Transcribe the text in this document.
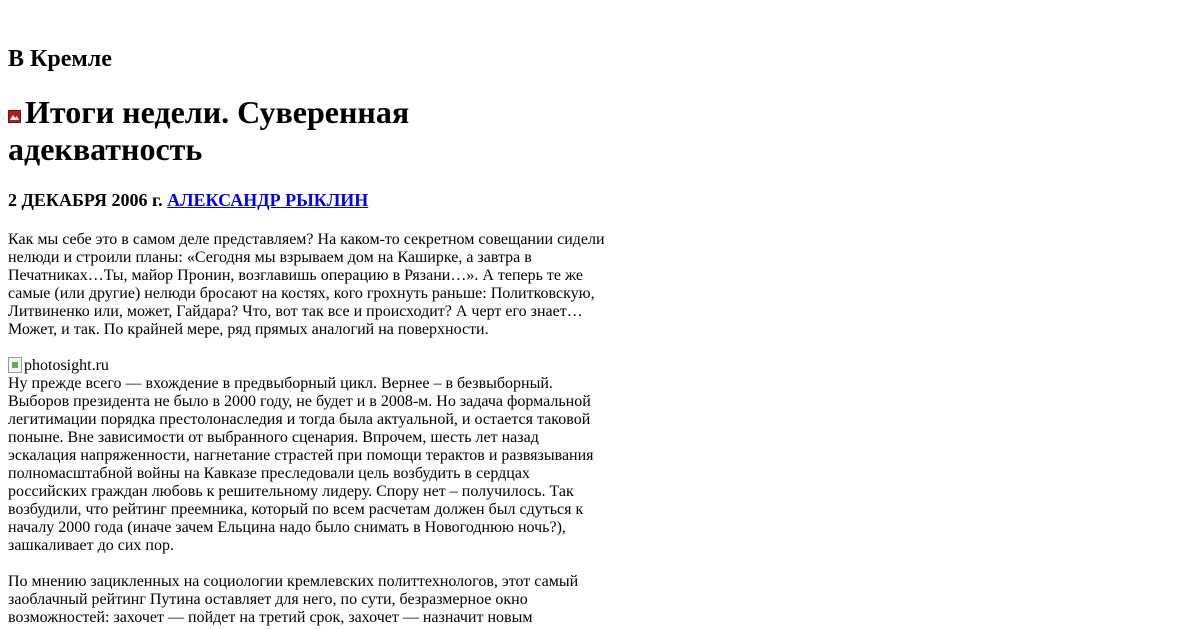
В Кремле
Итоги недели. Суверенная адекватность
2 ДЕКАБРЯ 2006 г. АЛЕКСАНДР РЫКЛИН

Как мы себе это в самом деле представляем? На каком-то секретном совещании сидели нелюди и строили планы: «Сегодня мы взрываем дом на Каширке, а завтра в Печатниках…Ты, майор Пронин, возглавишь операцию в Рязани…». А теперь те же самые (или другие) нелюди бросают на костях, кого грохнуть раньше: Политковскую, Литвиненко или, может, Гайдара? Что, вот так все и происходит? А черт его знает… Может, и так. По крайней мере, ряд прямых аналогий на поверхности.

photosight.ru

Ну прежде всего — вхождение в предвыборный цикл. Вернее – в безвыборный. Выборов президента не было в 2000 году, не будет и в 2008-м. Но задача формальной легитимации порядка престолонаследия и тогда была актуальной, и остается таковой поныне. Вне зависимости от выбранного сценария. Впрочем, шесть лет назад эскалация напряженности, нагнетание страстей при помощи терактов и развязывания полномасштабной войны на Кавказе преследовали цель возбудить в сердцах российских граждан любовь к решительному лидеру. Спору нет – получилось. Так возбудили, что рейтинг преемника, который по всем расчетам должен был сдуться к началу 2000 года (иначе зачем Ельцина надо было снимать в Новогоднюю ночь?), зашкаливает до сих пор.

По мнению зацикленных на социологии кремлевских политтехнологов, этот самый заоблачный рейтинг Путина оставляет для него, по сути, безразмерное окно возможностей: захочет — пойдет на третий срок, захочет — назначит новым
